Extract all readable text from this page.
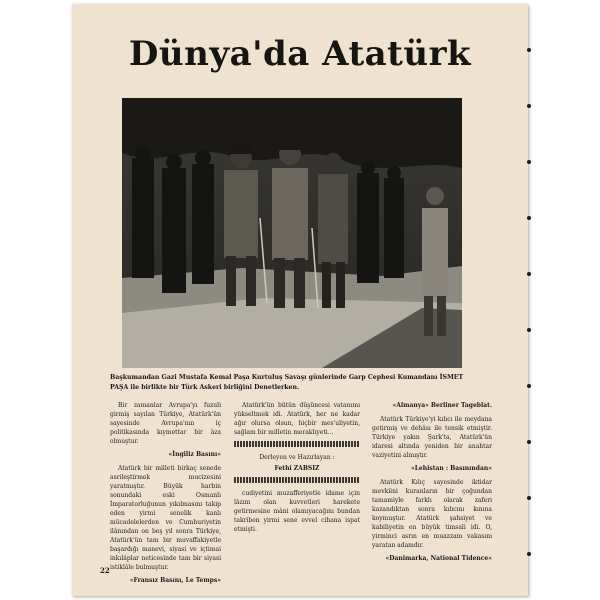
Dünya'da Atatürk
Başkumandan Gazi Mustafa Kemal Paşa Kurtuluş Savaşı günlerinde Garp Cephesi Kumandanı İSMET PAŞA ile birlikte bir Türk Askeri birliğini Denetlerken.

Bir zamanlar Avrupa'yı fuzuli girmiş sayılan Türkiye, Atatürk'ün sayesinde Avrupa'nın iç politikasında kıymettar bir âza olmuştur.

«İngiliz Basını»

Atatürk bir milleti birkaç senede asrileştirmek mucizesini yaratmıştır. Büyük harbin sonundaki eski Osmanlı İmparatorluğunun yıkılmasını takip eden yirmi senelik kanlı mücadelelerden ve Cumhuriyetin ilânından on beş yıl sonra Türkiye, Atatürk'ün tam bir muvaffakiyetle başardığı manevi, siyasi ve içtimai inkılâplar neticesinde tam bir siyasi istiklâle bulmuştur.

«Fransız Basını, Le Temps»

Atatürk'ün bütün düşüncesi vatanımı yükseltmek idi. Atatürk, her ne kadar ağır olursa olsun, hiçbir mes'uliyetin, sağlam bir milletin meraklıyeti...

Derleyen ve Hazırlayan :
Fethi ZABSIZ

cudiyetini muzafferiyetle idame için lâzım olan kuvvetleri harekete getirmesine mâni olamıyacağını bundan takriben yirmi sene evvel cihana ispat etmişti.

«Almanya» Berliner Tageblat.

Atatürk Türkiye'yi kılıcı ile meydana getirmiş ve dehâsı ile tensik etmiştir. Türkiye yakın Şark'ta, Atatürk'ün idaresi altında yeniden bir anahtar vaziyetini almıştır.

«Lehistan : Basınından»

Atatürk Kılıç sayesinde iktidar mevkiini kuranların bir çoğundan tamamiyle farklı olarak zaferi kazandıktan sonra kılıcını kınına koymuştur. Atatürk şahsiyet ve kabiliyetin en büyük timsali idi. O, yirminci asrın en muazzam vakasını yaratan adamdır.

«Danimarka, National Tidence»
22
